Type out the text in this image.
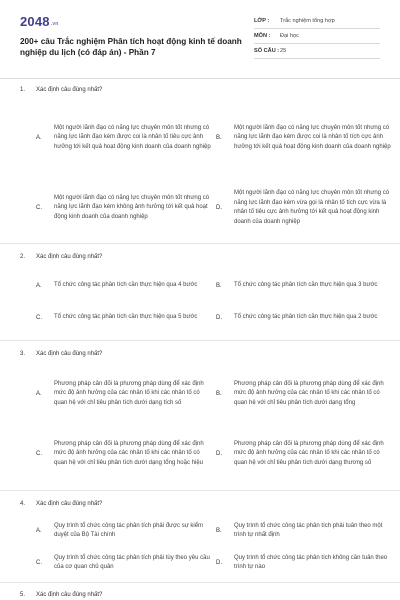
2048.vn
200+ câu Trắc nghiệm Phân tích hoạt động kinh tế doanh nghiệp du lịch (có đáp án) - Phần 7
LỚP :	Trắc nghiệm tổng hợp
MÔN :	Đại học
SỐ CÂU : 25
1.	Xác định câu đúng nhất?
A.
Một người lãnh đạo có năng lực chuyên môn tốt nhưng có năng lực lãnh đạo kém được coi là nhân tố tiêu cực ảnh hưởng tới kết quả hoạt động kinh doanh của doanh nghiệp
B.
Một người lãnh đạo có năng lực chuyên môn tốt nhưng có năng lực lãnh đạo kém được coi là nhân tố tích cực ảnh hưởng tới kết quả hoạt động kinh doanh của doanh nghiệp
C.
Một người lãnh đạo có năng lực chuyên môn tốt nhưng có năng lực lãnh đạo kém không ảnh hưởng tới kết quả hoạt động kinh doanh của doanh nghiệp
D.
Một người lãnh đạo có năng lực chuyên môn tốt nhưng có năng lực lãnh đạo kém vừa gọi là nhân tố tích cực vừa là nhân tố tiêu cực ảnh hưởng tới kết quả hoạt động kinh doanh của doanh nghiệp
2.	Xác định câu đúng nhất?
A.	Tổ chức công tác phân tích cần thực hiện qua 4 bước	B.	Tổ chức công tác phân tích cần thực hiện qua 3 bước
C.	Tổ chức công tác phân tích cần thực hiện qua 5 bước	D.	Tổ chức công tác phân tích cần thực hiện qua 2 bước
3.	Xác định câu đúng nhất?
A.
Phương pháp cân đối là phương pháp dùng để xác định mức độ ảnh hưởng của các nhân tố khi các nhân tố có quan hệ với chỉ tiêu phân tích dưới dạng tích số
B.
Phương pháp cân đối là phương pháp dùng để xác định mức độ ảnh hưởng của các nhân tố khi các nhân tố có quan hệ với chỉ tiêu phân tích dưới dạng tổng
C.
Phương pháp cân đối là phương pháp dùng để xác định mức độ ảnh hưởng của các nhân tố khi các nhân tố có quan hệ với chỉ tiêu phân tích dưới dạng tổng hoặc hiệu
D.
Phương pháp cân đối là phương pháp dùng để xác định mức độ ảnh hưởng của các nhân tố khi các nhân tố có quan hệ với chỉ tiêu phân tích dưới dạng thương số
4.	Xác định câu đúng nhất?
A.
Quy trình tổ chức công tác phân tích phải được sự kiểm duyệt của Bộ Tài chính
B.
Quy trình tổ chức công tác phân tích phải tuân theo một trình tự nhất định
C.
Quy trình tổ chức công tác phân tích phải tùy theo yêu cầu của cơ quan chủ quản
D.
Quy trình tổ chức công tác phân tích không cần tuân theo trình tự nào
5.	Xác định câu đúng nhất?
